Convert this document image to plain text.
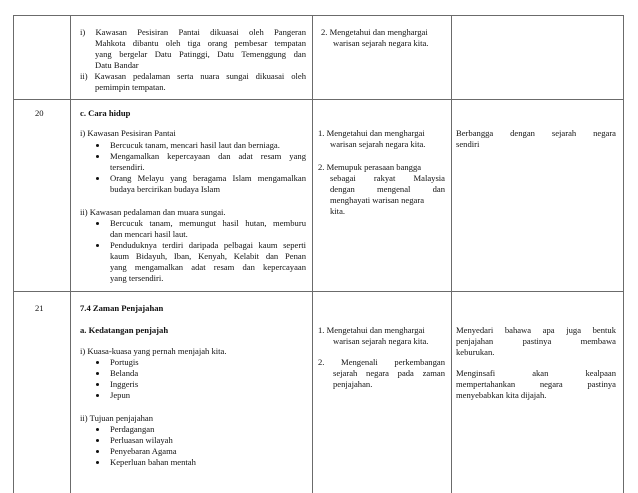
i) Kawasan Pesisiran Pantai dikuasai oleh Pangeran
Mahkota dibantu oleh tiga orang pembesar tempatan
yang bergelar Datu Patinggi, Datu Temenggung dan
Datu Bandar
ii) Kawasan pedalaman serta nuara sungai dikuasai oleh
pemimpin tempatan.
2. Mengetahui dan menghargai
warisan sejarah negara kita.
20	c. Cara hidup
i) Kawasan Pesisiran Pantai
Bercucuk tanam, mencari hasil laut dan berniaga.
Mengamalkan kepercayaan dan adat resam yang
tersendiri.
Orang Melayu yang beragama Islam mengamalkan
budaya bercirikan budaya Islam
ii) Kawasan pedalaman dan muara sungai.
Bercucuk tanam, memungut hasil hutan, memburu
dan mencari hasil laut.
Penduduknya terdiri daripada pelbagai kaum seperti
kaum Bidayuh, Iban, Kenyah, Kelabit dan Penan
yang mengamalkan adat resam dan kepercayaan
yang tersendiri.
1. Mengetahui dan menghargai
warisan sejarah negara kita.
2. Memupuk perasaan bangga
sebagai rakyat Malaysia
dengan mengenal dan
menghayati warisan negara
kita.
Berbangga dengan sejarah negara
sendiri
21	7.4 Zaman Penjajahan
a. Kedatangan penjajah
i) Kuasa-kuasa yang pernah menjajah kita.
Portugis
Belanda
Inggeris
Jepun
ii) Tujuan penjajahan
Perdagangan
Perluasan wilayah
Penyebaran Agama
Keperluan bahan mentah
1. Mengetahui dan menghargai
warisan sejarah negara kita.
2. Mengenali perkembangan
sejarah negara pada zaman
penjajahan.
Menyedari bahawa apa juga bentuk
penjajahan pastinya membawa
keburukan.
Menginsafi akan kealpaan
mempertahankan negara pastinya
menyebabkan kita dijajah.
